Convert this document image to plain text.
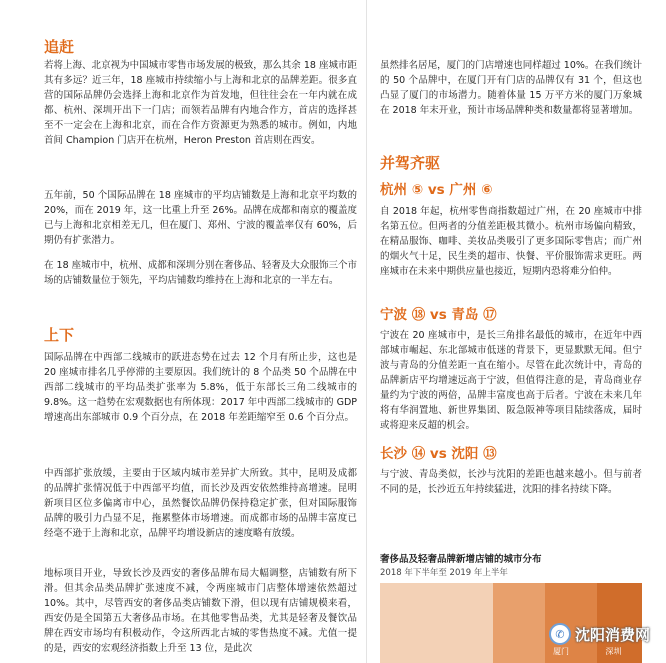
追赶

若将上海、北京视为中国城市零售市场发展的极致，那么其余 18 座城市距其有多远？近三年，18 座城市持续缩小与上海和北京的品牌差距。很多直营的国际品牌仍会选择上海和北京作为首发地，但往往会在一年内就在成都、杭州、深圳开出下一门店；而领若品牌有内地合作方，首店的选择甚至不一定会在上海和北京，而在合作方资源更为熟悉的城市。例如，内地首间 Champion 门店开在杭州，Heron Preston 首店则在西安。

五年前，50 个国际品牌在 18 座城市的平均店铺数是上海和北京平均数的 20%，而在 2019 年，这一比重上升至 26%。品牌在成都和南京的覆盖度已与上海和北京相差无几，但在厦门、郑州、宁波的覆盖率仅有 60%，后期仍有扩张潜力。

在 18 座城市中，杭州、成都和深圳分别在奢侈品、轻奢及大众服饰三个市场的店铺数量位于领先，平均店铺数均维持在上海和北京的一半左右。

上下

国际品牌在中西部二线城市的跃进态势在过去 12 个月有所止步，这也是 20 座城市排名几乎停滞的主要原因。我们统计的 8 个品类 50 个品牌在中西部二线城市的平均品类扩张率为 5.8%，低于东部长三角二线城市的 9.8%。这一趋势在宏观数据也有所体现：2017 年中西部二线城市的 GDP 增速高出东部城市 0.9 个百分点，在 2018 年差距缩窄至 0.6 个百分点。

中西部扩张放缓，主要由于区域内城市差异扩大所致。其中，昆明及成都的品牌扩张情况低于中西部平均值，而长沙及西安依然维持高增速。昆明新项目区位多偏离市中心，虽然餐饮品牌仍保持稳定扩张，但对国际服饰品牌的吸引力凸显不足，拖累整体市场增速。而成都市场的品牌丰富度已经毫不逊于上海和北京，品牌平均增设新店的速度略有放缓。

地标项目开业，导致长沙及西安的奢侈品牌布局大幅调整，店铺数有所下滑。但其余品类品牌扩张速度不减，令两座城市门店整体增速依然超过 10%。其中，尽管西安的奢侈品类店铺数下滑，但以现有店铺规模来看，西安仍是全国第五大奢侈品市场。在其他零售品类，尤其是轻奢及餐饮品牌在西安市场均有积极动作，令这所西北古城的零售热度不减。尤值一提的是，西安的宏观经济指数上升至 13 位，是此次

虽然排名居尾，厦门的门店增速也同样超过 10%。在我们统计的 50 个品牌中，在厦门开有门店的品牌仅有 31 个，但这也凸显了厦门的市场潜力。随着体量 15 万平方米的厦门万象城在 2018 年末开业，预计市场品牌种类和数量都将显著增加。

并驾齐驱
杭州 ⑤ vs 广州 ⑥

自 2018 年起，杭州零售商指数超过广州，在 20 座城市中排名第五位。但两者的分值差距极其微小。杭州市场偏向精致，在精品服饰、咖啡、美妆品类吸引了更多国际零售店；而广州的烟火气十足，民生类的超市、快餐、平价服饰需求更旺。两座城市在未来中期供应量也接近，短期内恐将难分伯仲。

宁波 ⑱ vs 青岛 ⑰

宁波在 20 座城市中，是长三角排名最低的城市，在近年中西部城市崛起、东北部城市低迷的背景下，更显默默无闻。但宁波与青岛的分值差距一直在缩小。尽管在此次统计中，青岛的品牌新店平均增速远高于宁波，但值得注意的是，青岛商业存量约为宁波的两倍，品牌丰富度也高于后者。宁波在未来几年将有华润置地、新世界集团、阪急阪神等项目陆续落成，届时或将迎来反超的机会。

长沙 ⑭ vs 沈阳 ⑬

与宁波、青岛类似，长沙与沈阳的差距也越来越小。但与前者不同的是，长沙近五年持续猛进，沈阳的排名持续下降。

奢侈品及轻奢品牌新增店铺的城市分布

2018 年下半年至 2019 年上半年

厦门	深圳
✆ 沈阳消费网
